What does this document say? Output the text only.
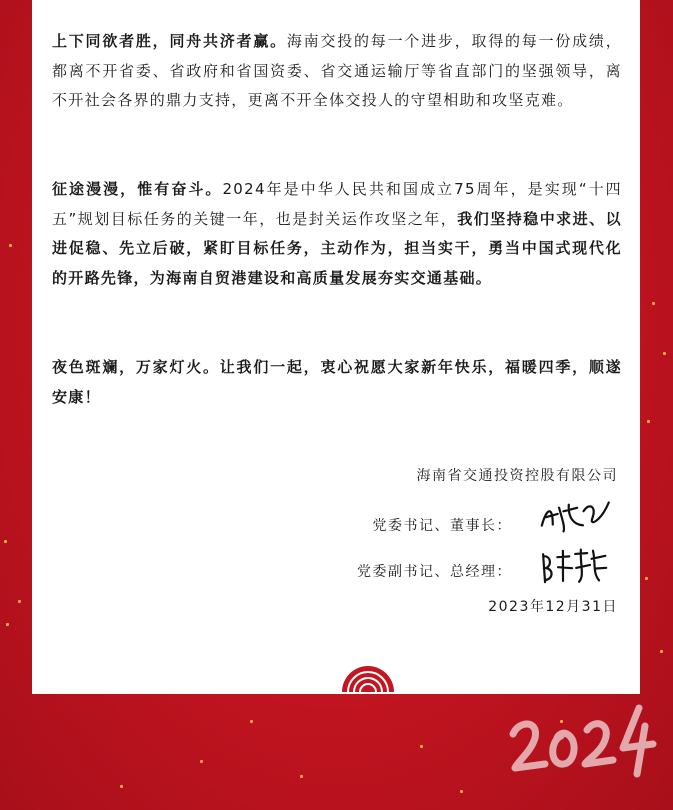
上下同欲者胜，同舟共济者赢。海南交投的每一个进步，取得的每一份成绩，都离不开省委、省政府和省国资委、省交通运输厅等省直部门的坚强领导，离不开社会各界的鼎力支持，更离不开全体交投人的守望相助和攻坚克难。

征途漫漫，惟有奋斗。2024年是中华人民共和国成立75周年，是实现“十四五”规划目标任务的关键一年，也是封关运作攻坚之年，我们坚持稳中求进、以进促稳、先立后破，紧盯目标任务，主动作为，担当实干，勇当中国式现代化的开路先锋，为海南自贸港建设和高质量发展夯实交通基础。

夜色斑斓，万家灯火。让我们一起，衷心祝愿大家新年快乐，福暖四季，顺遂安康！

海南省交通投资控股有限公司
党委书记、董事长：
党委副书记、总经理：
2023年12月31日
